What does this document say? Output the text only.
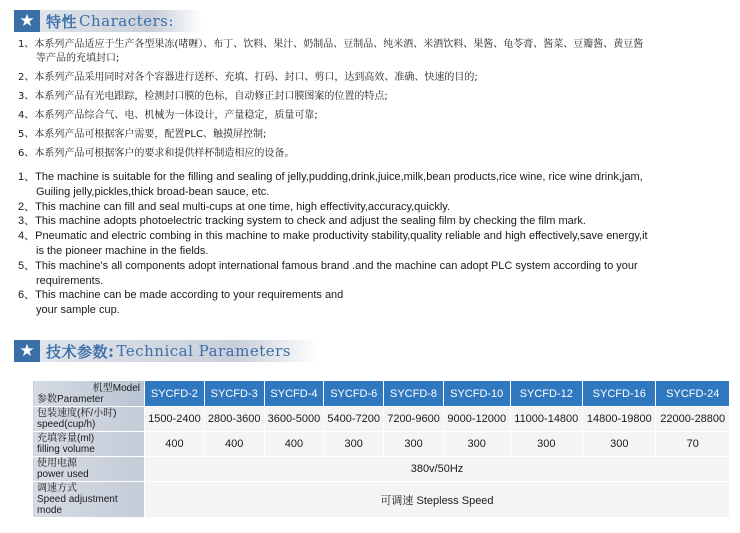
★ 特性 Characters:
1、本系列产品适应于生产各型果冻(啫喱）、布丁、饮料、果汁、奶制品、豆制品、纯米酒、米酒饮料、果酱、龟苓膏、酱菜、豆瓣酱、黄豆酱
等产品的充填封口;
2、本系列产品采用同时对各个容器进行送杯、充填、打码、封口、剪口，达到高效、准确、快速的目的;
3、本系列产品有光电跟踪，检测封口膜的色标，自动修正封口膜图案的位置的特点;
4、本系列产品综合气、电、机械为一体设计，产量稳定，质量可靠;
5、本系列产品可根据客户需要，配置PLC、触摸屏控制;
6、本系列产品可根据客户的要求和提供样杯制造相应的设备。
1、The machine is suitable for the filling and sealing of jelly,pudding,drink,juice,milk,bean products,rice wine, rice wine drink,jam,
Guiling jelly,pickles,thick broad-bean sauce, etc.
2、This machine can fill and seal multi-cups at one time, high effectivity,accuracy,quickly.
3、This machine adopts photoelectric tracking system to check and adjust the sealing film by checking the film mark.
4、Pneumatic and electric combing in this machine to make productivity stability,quality reliable and high effectively,save energy,it
is the pioneer machine in the fields.
5、This machine's all components adopt international famous brand .and the machine can adopt PLC system according to your
requirements.
6、This machine can be made according to your requirements and
your sample cup.
★ 技术参数: Technical Parameters
机型Model
参数Parameter	SYCFD-2	SYCFD-3	SYCFD-4	SYCFD-6	SYCFD-8	SYCFD-10	SYCFD-12	SYCFD-16	SYCFD-24
包装速度(杯/小时)
speed(cup/h)	1500-2400	2800-3600	3600-5000	5400-7200	7200-9600	9000-12000	11000-14800	14800-19800	22000-28800
充填容量(ml)
filling volume	400	400	400	300	300	300	300	300	70
使用电源
power used	380v/50Hz								
调速方式
Speed adjustment mode	可调速 Stepless Speed								
